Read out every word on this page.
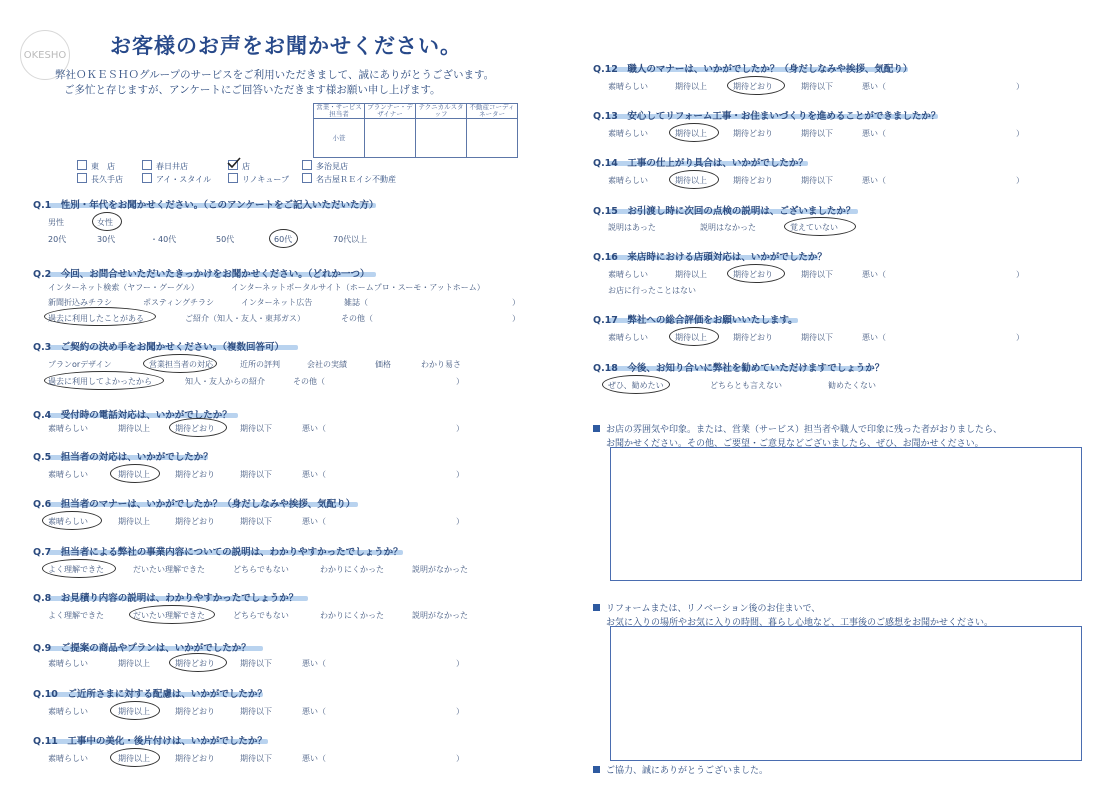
OKESHO お客様のお声をお聞かせください。
弊社ＯＫＥＳＨＯグループのサービスをご利用いただきまして、誠にありがとうございます。
ご多忙と存じますが、アンケートにご回答いただきます様お願い申し上げます。
営業・サービス担当者	プランナー・デザイナー	テクニカルスタッフ	不動産コーディネーター
小笹			
東　店	春日井店	店	多治見店
長久手店	アイ・スタイル	リノキューブ	名古屋ＲＥイシ不動産
Q.1　性別・年代をお聞かせください。（このアンケートをご記入いただいた方）
男性	女性
20代	30代	・40代	50代	60代	70代以上
Q.2　今回、お問合せいただいたきっかけをお聞かせください。（どれか一つ）
インターネット検索（ヤフー・グーグル）	インターネットポータルサイト（ホームプロ・スーモ・アットホーム）
新聞折込みチラシ	ポスティングチラシ	インターネット広告	雑誌（	）
過去に利用したことがある	ご紹介（知人・友人・東邦ガス）	その他（	）
Q.3　ご契約の決め手をお聞かせください。（複数回答可）
プランorデザイン	営業担当者の対応	近所の評判	会社の実績	価格	わかり易さ
過去に利用してよかったから	知人・友人からの紹介	その他（	）
Q.4　受付時の電話対応は、いかがでしたか？
素晴らしい	期待以上	期待どおり	期待以下	悪い（	）
Q.5　担当者の対応は、いかがでしたか？
素晴らしい	期待以上	期待どおり	期待以下	悪い（	）
Q.6　担当者のマナーは、いかがでしたか？（身だしなみや挨拶、気配り）
素晴らしい	期待以上	期待どおり	期待以下	悪い（	）
Q.7　担当者による弊社の事業内容についての説明は、わかりやすかったでしょうか？
よく理解できた	だいたい理解できた	どちらでもない	わかりにくかった	説明がなかった
Q.8　お見積り内容の説明は、わかりやすかったでしょうか？
よく理解できた	だいたい理解できた	どちらでもない	わかりにくかった	説明がなかった
Q.9　ご提案の商品やプランは、いかがでしたか？
素晴らしい	期待以上	期待どおり	期待以下	悪い（	）
Q.10　ご近所さまに対する配慮は、いかがでしたか？
素晴らしい	期待以上	期待どおり	期待以下	悪い（	）
Q.11　工事中の美化・後片付けは、いかがでしたか？
素晴らしい	期待以上	期待どおり	期待以下	悪い（	）
Q.12　職人のマナーは、いかがでしたか？（身だしなみや挨拶、気配り）
素晴らしい	期待以上	期待どおり	期待以下	悪い（	）
Q.13　安心してリフォーム工事・お住まいづくりを進めることができましたか？
素晴らしい	期待以上	期待どおり	期待以下	悪い（	）
Q.14　工事の仕上がり具合は、いかがでしたか？
素晴らしい	期待以上	期待どおり	期待以下	悪い（	）
Q.15　お引渡し時に次回の点検の説明は、ございましたか？
説明はあった	説明はなかった	覚えていない
Q.16　来店時における店頭対応は、いかがでしたか？
素晴らしい	期待以上	期待どおり	期待以下	悪い（	）
お店に行ったことはない
Q.17　弊社への総合評価をお願いいたします。
素晴らしい	期待以上	期待どおり	期待以下	悪い（	）
Q.18　今後、お知り合いに弊社を勧めていただけますでしょうか？
ぜひ、勧めたい	どちらとも言えない	勧めたくない
お店の雰囲気や印象。または、営業（サービス）担当者や職人で印象に残った者がおりましたら、
お聞かせください。その他、ご要望・ご意見などございましたら、ぜひ、お聞かせください。
リフォームまたは、リノベーション後のお住まいで、
お気に入りの場所やお気に入りの時間、暮らし心地など、工事後のご感想をお聞かせください。
ご協力、誠にありがとうございました。
